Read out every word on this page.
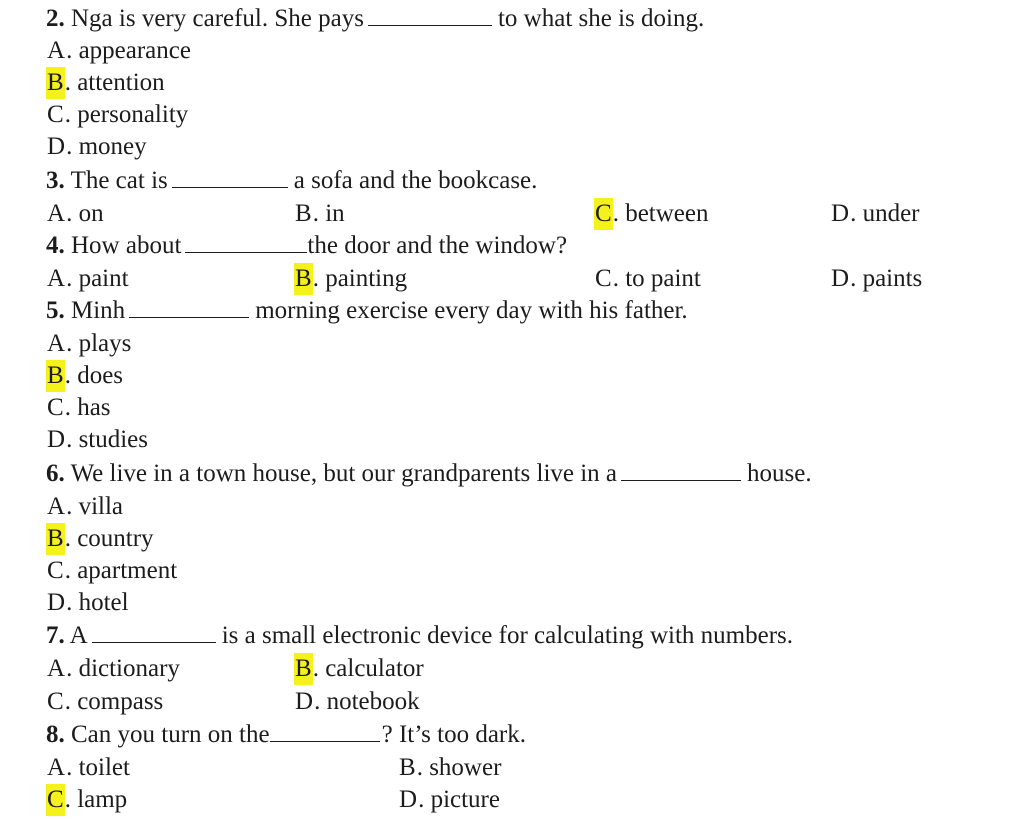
2. Nga is very careful. She pays	to what she is doing.
A. appearance
B. attention
C. personality
D. money
3. The cat is	a sofa and the bookcase.
A. on	B. in	C. between	D. under
4. How about	the door and the window?
A. paint	B. painting	C. to paint	D. paints
5. Minh	morning exercise every day with his father.
A. plays
B. does
C. has
D. studies
6. We live in a town house, but our grandparents live in a	house.
A. villa
B. country
C. apartment
D. hotel
7. A	is a small electronic device for calculating with numbers.
A. dictionary	B. calculator
C. compass	D. notebook
8. Can you turn on the	? It’s too dark.
A. toilet	B. shower
C. lamp	D. picture
